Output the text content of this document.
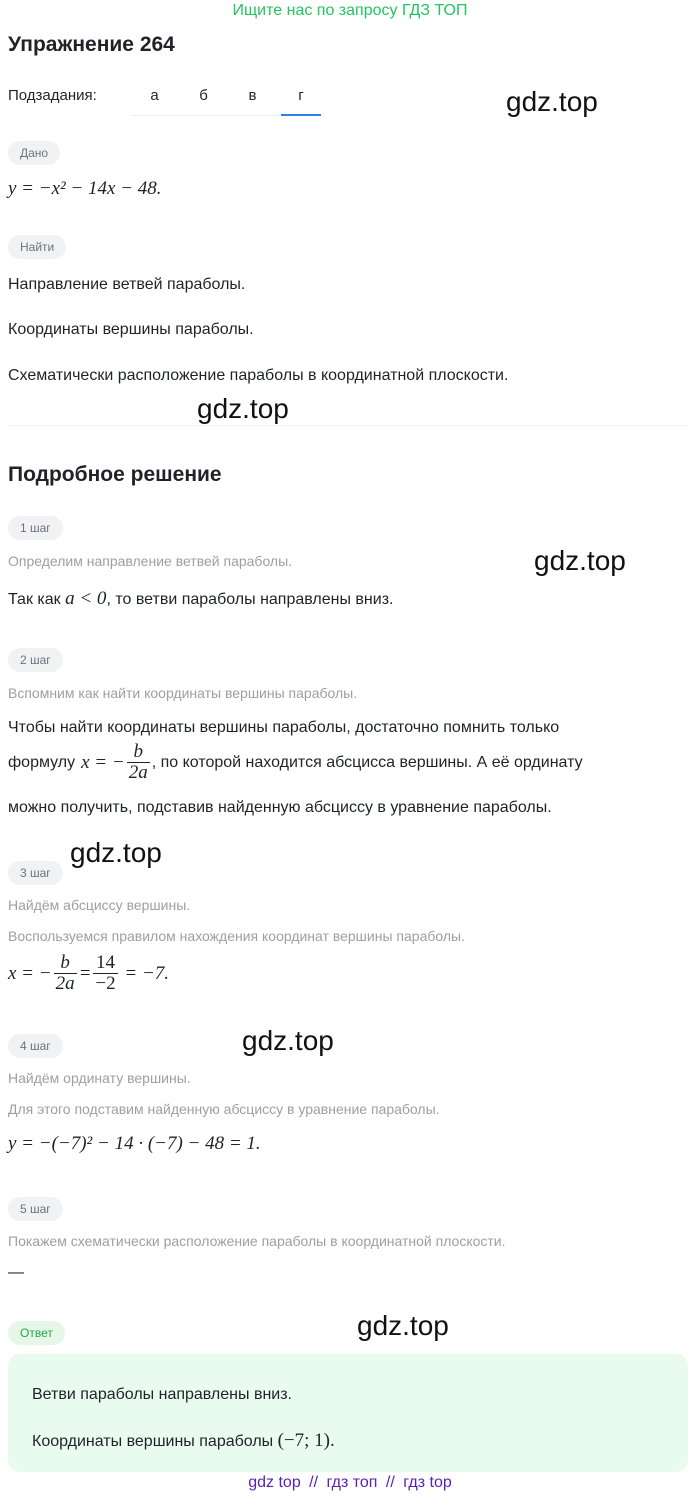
Ищите нас по запросу ГДЗ ТОП
Упражнение 264
Подзадания:	а	б	в	г	gdz.top
Дано
y = −x² − 14x − 48.
Найти
Направление ветвей параболы.
Координаты вершины параболы.
Схематически расположение параболы в координатной плоскости.
gdz.top
Подробное решение
1 шаг
Определим направление ветвей параболы.	gdz.top
Так как a < 0, то ветви параболы направлены вниз.
2 шаг
Вспомним как найти координаты вершины параболы.
Чтобы найти координаты вершины параболы, достаточно помнить только
формулу x = − $\frac{b}{2a}$ , по которой находится абсцисса вершины. А её ординату
можно получить, подставив найденную абсциссу в уравнение параболы.
gdz.top
3 шаг
Найдём абсциссу вершины.
Воспользуемся правилом нахождения координат вершины параболы.
x = − $\frac{b}{2a} = \frac{14}{-2}$
= −7.
gdz.top
4 шаг
Найдём ординату вершины.
Для этого подставим найденную абсциссу в уравнение параболы.
y = −(−7)² − 14 · (−7) − 48 = 1.
5 шаг
Покажем схематически расположение параболы в координатной плоскости.
—
gdz.top
Ответ
Ветви параболы направлены вниз.
Координаты вершины параболы (−7; 1).
gdz top // гдз топ // гдз top
